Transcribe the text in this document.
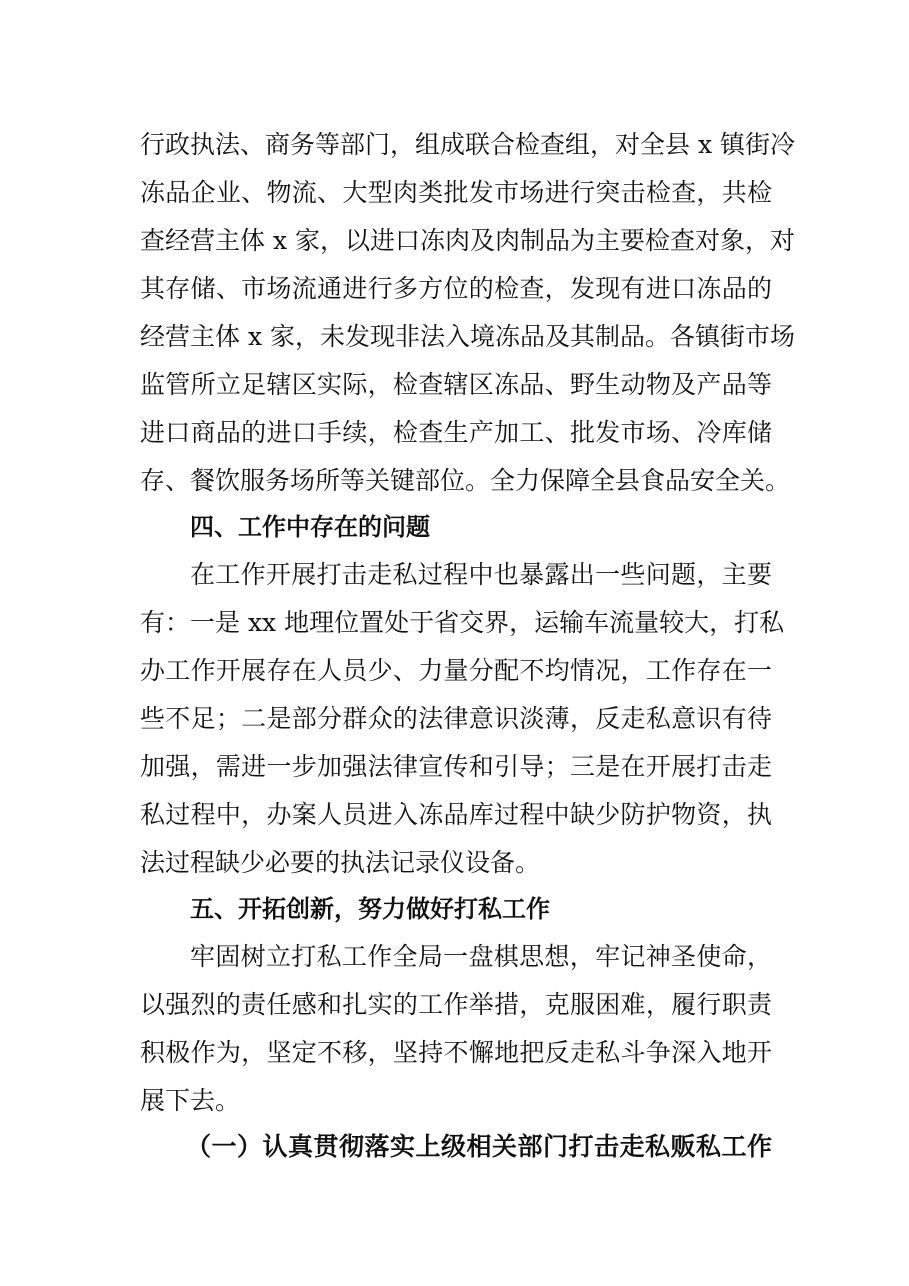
行政执法、商务等部门，组成联合检查组，对全县 x 镇街冷
冻品企业、物流、大型肉类批发市场进行突击检查，共检
查经营主体 x 家，以进口冻肉及肉制品为主要检查对象，对
其存储、市场流通进行多方位的检查，发现有进口冻品的
经营主体 x 家，未发现非法入境冻品及其制品。各镇街市场
监管所立足辖区实际，检查辖区冻品、野生动物及产品等
进口商品的进口手续，检查生产加工、批发市场、冷库储
存、餐饮服务场所等关键部位。全力保障全县食品安全关。
四、工作中存在的问题
在工作开展打击走私过程中也暴露出一些问题，主要
有：一是 xx 地理位置处于省交界，运输车流量较大，打私
办工作开展存在人员少、力量分配不均情况，工作存在一
些不足；二是部分群众的法律意识淡薄，反走私意识有待
加强，需进一步加强法律宣传和引导；三是在开展打击走
私过程中，办案人员进入冻品库过程中缺少防护物资，执
法过程缺少必要的执法记录仪设备。
五、开拓创新，努力做好打私工作
牢固树立打私工作全局一盘棋思想，牢记神圣使命，
以强烈的责任感和扎实的工作举措，克服困难，履行职责
积极作为，坚定不移，坚持不懈地把反走私斗争深入地开
展下去。
（一）认真贯彻落实上级相关部门打击走私贩私工作
